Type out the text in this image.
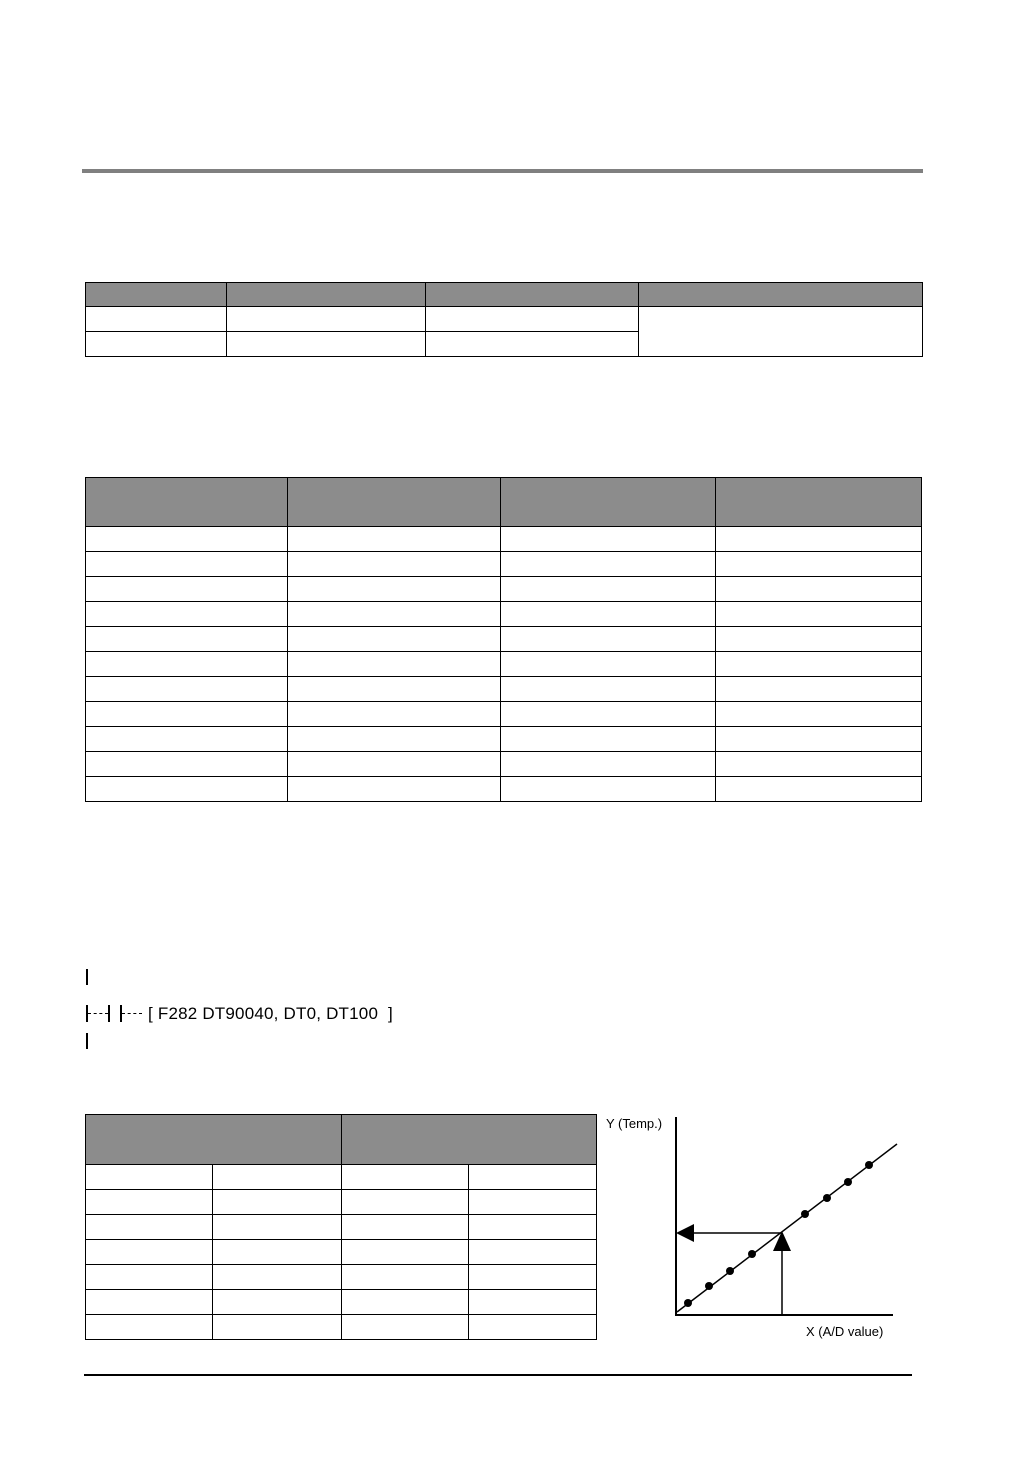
[ F282 DT90040, DT0, DT100  ]

Y (Temp.)
X (A/D value)
